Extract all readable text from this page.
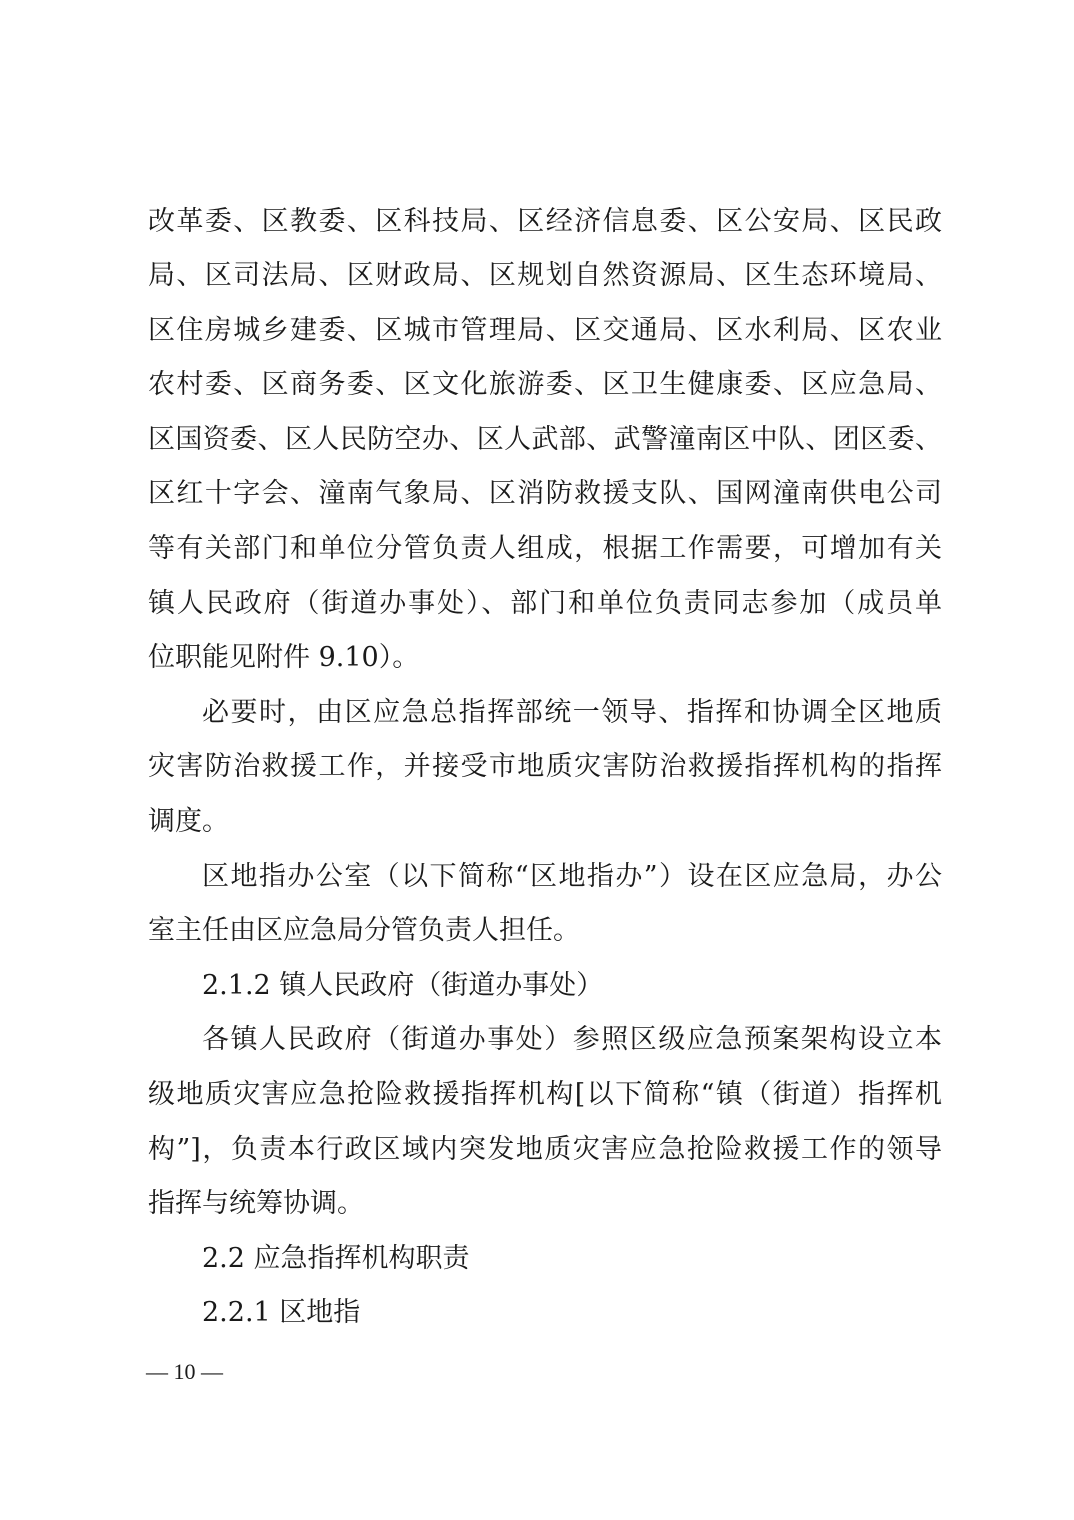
改革委、区教委、区科技局、区经济信息委、区公安局、区民政
局、区司法局、区财政局、区规划自然资源局、区生态环境局、
区住房城乡建委、区城市管理局、区交通局、区水利局、区农业
农村委、区商务委、区文化旅游委、区卫生健康委、区应急局、
区国资委、区人民防空办、区人武部、武警潼南区中队、团区委、
区红十字会、潼南气象局、区消防救援支队、国网潼南供电公司
等有关部门和单位分管负责人组成，根据工作需要，可增加有关
镇人民政府（街道办事处）、部门和单位负责同志参加（成员单
位职能见附件 9.10）。
必要时，由区应急总指挥部统一领导、指挥和协调全区地质
灾害防治救援工作，并接受市地质灾害防治救援指挥机构的指挥
调度。
区地指办公室（以下简称“区地指办”）设在区应急局，办公
室主任由区应急局分管负责人担任。
2.1.2 镇人民政府（街道办事处）
各镇人民政府（街道办事处）参照区级应急预案架构设立本
级地质灾害应急抢险救援指挥机构[以下简称“镇（街道）指挥机
构”]，负责本行政区域内突发地质灾害应急抢险救援工作的领导
指挥与统筹协调。
2.2 应急指挥机构职责
2.2.1 区地指
— 10 —
